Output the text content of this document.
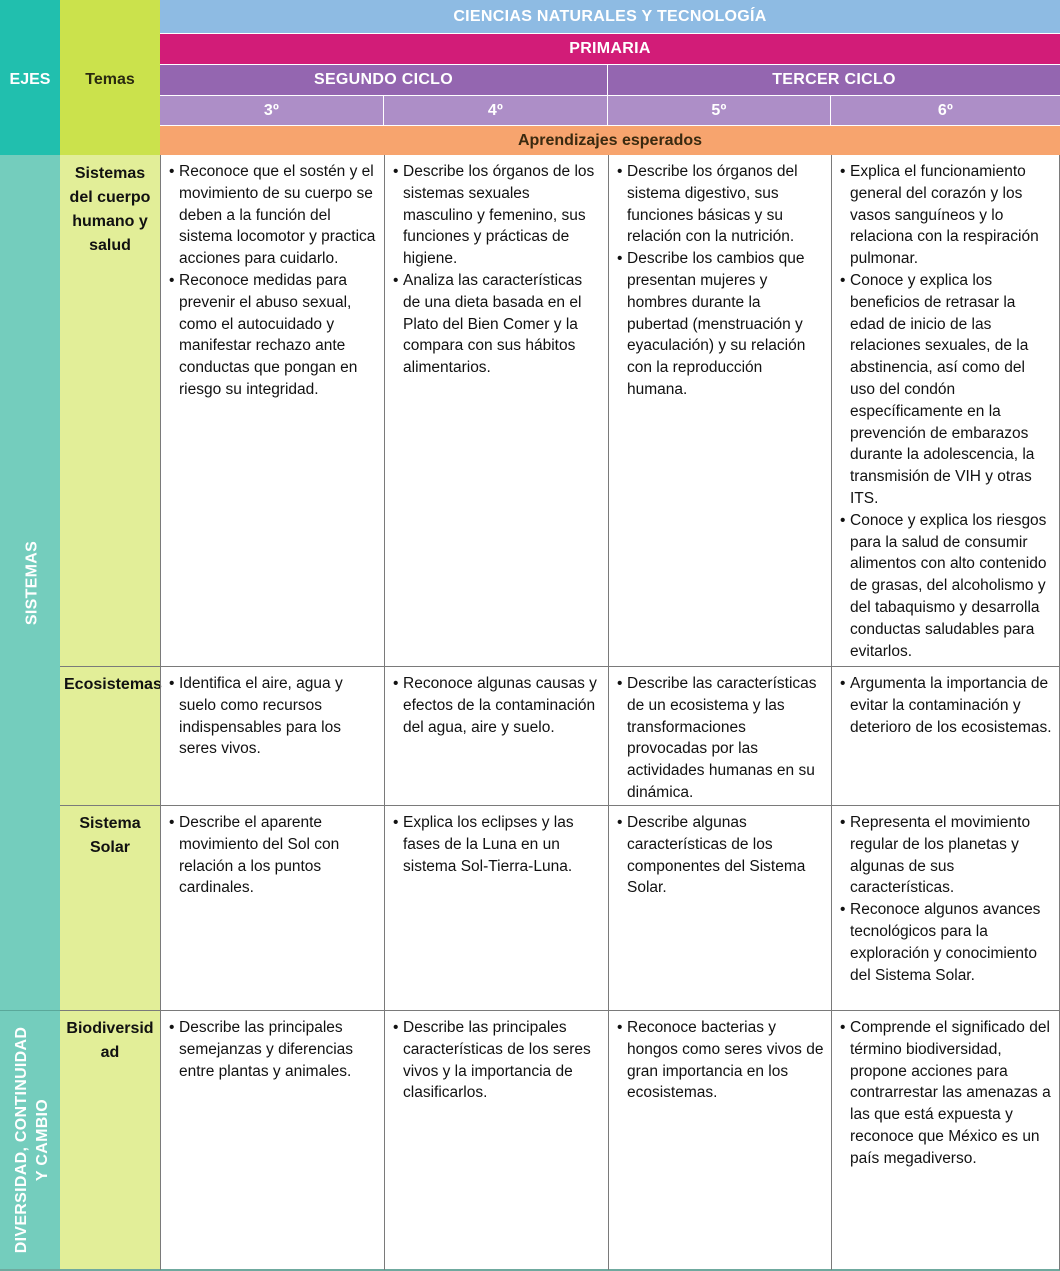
CIENCIAS NATURALES Y TECNOLOGÍA
PRIMARIA
SEGUNDO CICLO	TERCER CICLO
3º	4º	5º	6º
Aprendizajes esperados
EJES	Temas
SISTEMAS
DIVERSIDAD, CONTINUIDAD Y CAMBIO
Sistemas del cuerpo humano y salud
• Reconoce que el sostén y el movimiento de su cuerpo se deben a la función del sistema locomotor y practica acciones para cuidarlo.
• Reconoce medidas para prevenir el abuso sexual, como el autocuidado y manifestar rechazo ante conductas que pongan en riesgo su integridad.
• Describe los órganos de los sistemas sexuales masculino y femenino, sus funciones y prácticas de higiene.
• Analiza las características de una dieta basada en el Plato del Bien Comer y la compara con sus hábitos alimentarios.
• Describe los órganos del sistema digestivo, sus funciones básicas y su relación con la nutrición.
• Describe los cambios que presentan mujeres y hombres durante la pubertad (menstruación y eyaculación) y su relación con la reproducción humana.
• Explica el funcionamiento general del corazón y los vasos sanguíneos y lo relaciona con la respiración pulmonar.
• Conoce y explica los beneficios de retrasar la edad de inicio de las relaciones sexuales, de la abstinencia, así como del uso del condón específicamente en la prevención de embarazos durante la adolescencia, la transmisión de VIH y otras ITS.
• Conoce y explica los riesgos para la salud de consumir alimentos con alto contenido de grasas, del alcoholismo y del tabaquismo y desarrolla conductas saludables para evitarlos.
Ecosistemas
•	Identifica el aire, agua y suelo como recursos indispensables para los seres vivos.
• Reconoce algunas causas y efectos de la contaminación del agua, aire y suelo.
• Describe las características de un ecosistema y las transformaciones provocadas por las actividades humanas en su dinámica.
• Argumenta la importancia de evitar la contaminación y deterioro de los ecosistemas.
Sistema Solar
• Describe el aparente movimiento del Sol con relación a los puntos cardinales.
• Explica los eclipses y las fases de la Luna en un sistema Sol-Tierra-Luna.
• Describe algunas características de los componentes del Sistema Solar.
• Representa el movimiento regular de los planetas y algunas de sus características.
• Reconoce algunos avances tecnológicos para la exploración y conocimiento del Sistema Solar.
Biodiversidad
• Describe las principales semejanzas y diferencias entre plantas y animales.
• Describe las principales características de los seres vivos y la importancia de clasificarlos.
• Reconoce bacterias y hongos como seres vivos de gran importancia en los ecosistemas.
• Comprende el significado del término biodiversidad, propone acciones para contrarrestar las amenazas a las que está expuesta y reconoce que México es un país megadiverso.
